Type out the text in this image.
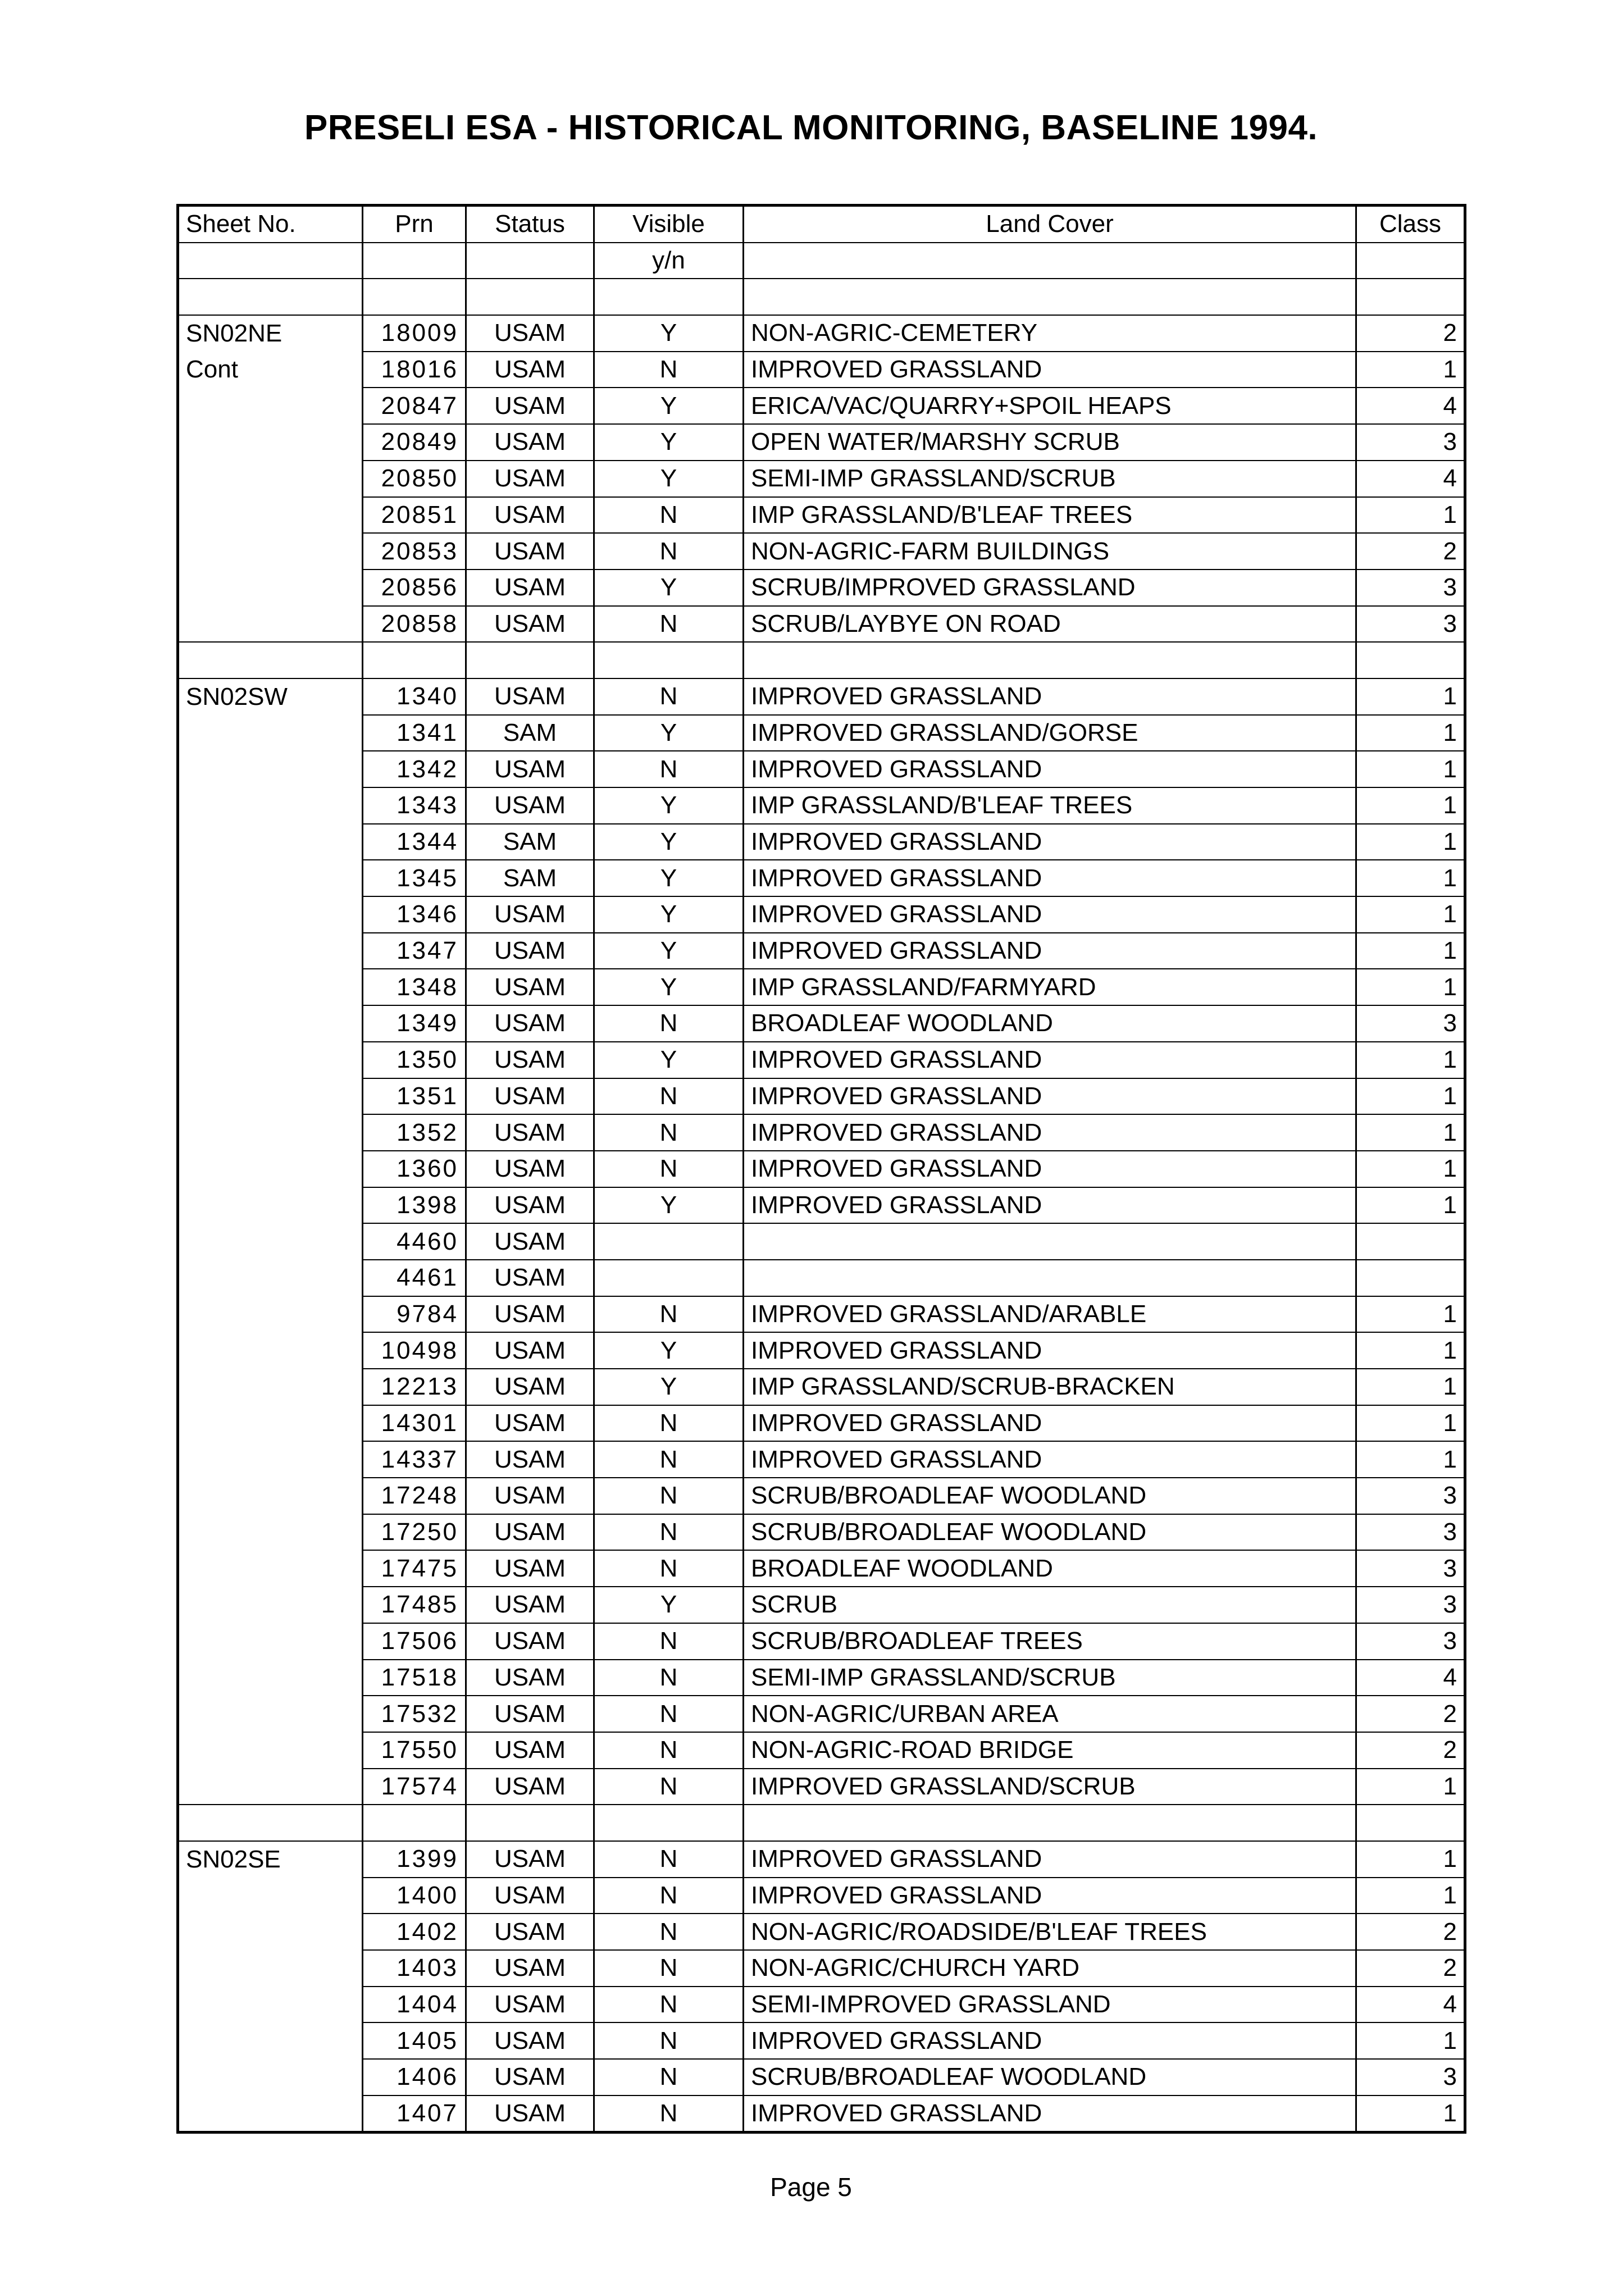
PRESELI ESA - HISTORICAL MONITORING, BASELINE 1994.
Sheet No.	Prn	Status	Visible	Land Cover	Class
			y/n		

SN02NE	18009	USAM	Y	NON-AGRIC-CEMETERY	2
Cont	18016	USAM	N	IMPROVED GRASSLAND	1
	20847	USAM	Y	ERICA/VAC/QUARRY+SPOIL HEAPS	4
	20849	USAM	Y	OPEN WATER/MARSHY SCRUB	3
	20850	USAM	Y	SEMI-IMP GRASSLAND/SCRUB	4
	20851	USAM	N	IMP GRASSLAND/B'LEAF TREES	1
	20853	USAM	N	NON-AGRIC-FARM BUILDINGS	2
	20856	USAM	Y	SCRUB/IMPROVED GRASSLAND	3
	20858	USAM	N	SCRUB/LAYBYE ON ROAD	3

SN02SW	1340	USAM	N	IMPROVED GRASSLAND	1
	1341	SAM	Y	IMPROVED GRASSLAND/GORSE	1
	1342	USAM	N	IMPROVED GRASSLAND	1
	1343	USAM	Y	IMP GRASSLAND/B'LEAF TREES	1
	1344	SAM	Y	IMPROVED GRASSLAND	1
	1345	SAM	Y	IMPROVED GRASSLAND	1
	1346	USAM	Y	IMPROVED GRASSLAND	1
	1347	USAM	Y	IMPROVED GRASSLAND	1
	1348	USAM	Y	IMP GRASSLAND/FARMYARD	1
	1349	USAM	N	BROADLEAF WOODLAND	3
	1350	USAM	Y	IMPROVED GRASSLAND	1
	1351	USAM	N	IMPROVED GRASSLAND	1
	1352	USAM	N	IMPROVED GRASSLAND	1
	1360	USAM	N	IMPROVED GRASSLAND	1
	1398	USAM	Y	IMPROVED GRASSLAND	1
	4460	USAM			
	4461	USAM			
	9784	USAM	N	IMPROVED GRASSLAND/ARABLE	1
	10498	USAM	Y	IMPROVED GRASSLAND	1
	12213	USAM	Y	IMP GRASSLAND/SCRUB-BRACKEN	1
	14301	USAM	N	IMPROVED GRASSLAND	1
	14337	USAM	N	IMPROVED GRASSLAND	1
	17248	USAM	N	SCRUB/BROADLEAF WOODLAND	3
	17250	USAM	N	SCRUB/BROADLEAF WOODLAND	3
	17475	USAM	N	BROADLEAF WOODLAND	3
	17485	USAM	Y	SCRUB	3
	17506	USAM	N	SCRUB/BROADLEAF TREES	3
	17518	USAM	N	SEMI-IMP GRASSLAND/SCRUB	4
	17532	USAM	N	NON-AGRIC/URBAN AREA	2
	17550	USAM	N	NON-AGRIC-ROAD BRIDGE	2
	17574	USAM	N	IMPROVED GRASSLAND/SCRUB	1

SN02SE	1399	USAM	N	IMPROVED GRASSLAND	1
	1400	USAM	N	IMPROVED GRASSLAND	1
	1402	USAM	N	NON-AGRIC/ROADSIDE/B'LEAF TREES	2
	1403	USAM	N	NON-AGRIC/CHURCH YARD	2
	1404	USAM	N	SEMI-IMPROVED GRASSLAND	4
	1405	USAM	N	IMPROVED GRASSLAND	1
	1406	USAM	N	SCRUB/BROADLEAF WOODLAND	3
	1407	USAM	N	IMPROVED GRASSLAND	1
Page 5
